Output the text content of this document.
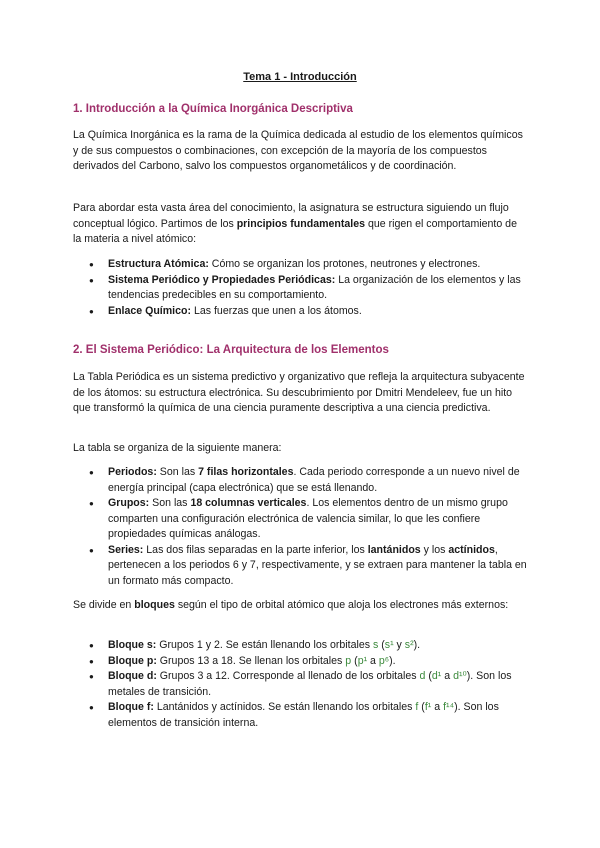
Tema 1 - Introducción
1. Introducción a la Química Inorgánica Descriptiva

La Química Inorgánica es la rama de la Química dedicada al estudio de los elementos químicos y de sus compuestos o combinaciones, con excepción de la mayoría de los compuestos derivados del Carbono, salvo los compuestos organometálicos y de coordinación.

Para abordar esta vasta área del conocimiento, la asignatura se estructura siguiendo un flujo conceptual lógico. Partimos de los principios fundamentales que rigen el comportamiento de la materia a nivel atómico:

● Estructura Atómica: Cómo se organizan los protones, neutrones y electrones.
● Sistema Periódico y Propiedades Periódicas: La organización de los elementos y las tendencias predecibles en su comportamiento.
● Enlace Químico: Las fuerzas que unen a los átomos.
2. El Sistema Periódico: La Arquitectura de los Elementos

La Tabla Periódica es un sistema predictivo y organizativo que refleja la arquitectura subyacente de los átomos: su estructura electrónica. Su descubrimiento por Dmitri Mendeleev, fue un hito que transformó la química de una ciencia puramente descriptiva a una ciencia predictiva.

La tabla se organiza de la siguiente manera:

● Periodos: Son las 7 filas horizontales. Cada periodo corresponde a un nuevo nivel de energía principal (capa electrónica) que se está llenando.
● Grupos: Son las 18 columnas verticales. Los elementos dentro de un mismo grupo comparten una configuración electrónica de valencia similar, lo que les confiere propiedades químicas análogas.
● Series: Las dos filas separadas en la parte inferior, los lantánidos y los actínidos, pertenecen a los periodos 6 y 7, respectivamente, y se extraen para mantener la tabla en un formato más compacto.

Se divide en bloques según el tipo de orbital atómico que aloja los electrones más externos:

● Bloque s: Grupos 1 y 2. Se están llenando los orbitales s (s¹ y s²).
● Bloque p: Grupos 13 a 18. Se llenan los orbitales p (p¹ a p⁶).
● Bloque d: Grupos 3 a 12. Corresponde al llenado de los orbitales d (d¹ a d¹⁰). Son los metales de transición.
● Bloque f: Lantánidos y actínidos. Se están llenando los orbitales f (f¹ a f¹⁴). Son los elementos de transición interna.
